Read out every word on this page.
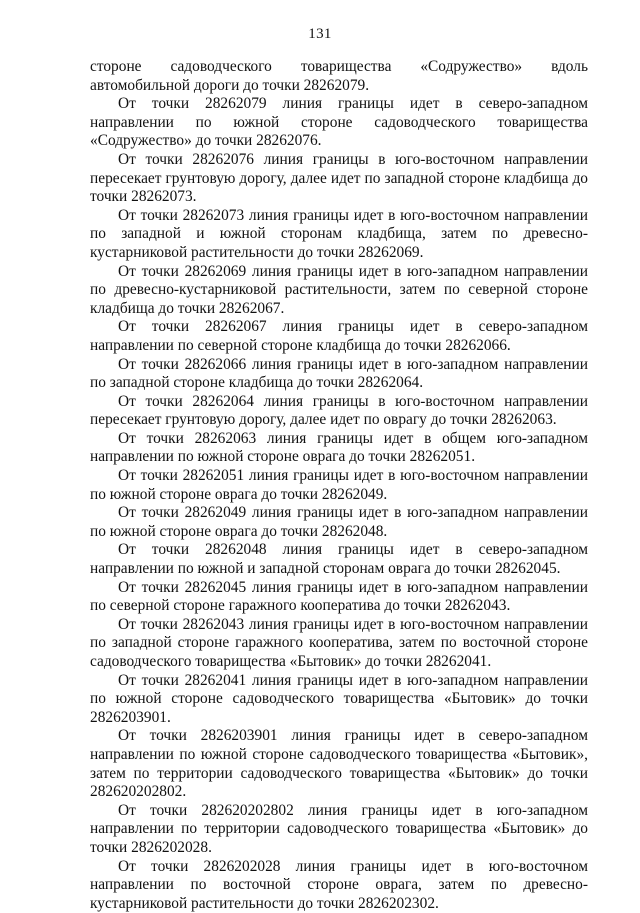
131

стороне садоводческого товарищества «Содружество» вдоль автомобильной дороги до точки 28262079.

От точки 28262079 линия границы идет в северо-западном направлении по южной стороне садоводческого товарищества «Содружество» до точки 28262076.

От точки 28262076 линия границы в юго-восточном направлении пересекает грунтовую дорогу, далее идет по западной стороне кладбища до точки 28262073.

От точки 28262073 линия границы идет в юго-восточном направлении по западной и южной сторонам кладбища, затем по древесно-кустарниковой растительности до точки 28262069.

От точки 28262069 линия границы идет в юго-западном направлении по древесно-кустарниковой растительности, затем по северной стороне кладбища до точки 28262067.

От точки 28262067 линия границы идет в северо-западном направлении по северной стороне кладбища до точки 28262066.

От точки 28262066 линия границы идет в юго-западном направлении по западной стороне кладбища до точки 28262064.

От точки 28262064 линия границы в юго-восточном направлении пересекает грунтовую дорогу, далее идет по оврагу до точки 28262063.

От точки 28262063 линия границы идет в общем юго-западном направлении по южной стороне оврага до точки 28262051.

От точки 28262051 линия границы идет в юго-восточном направлении по южной стороне оврага до точки 28262049.

От точки 28262049 линия границы идет в юго-западном направлении по южной стороне оврага до точки 28262048.

От точки 28262048 линия границы идет в северо-западном направлении по южной и западной сторонам оврага до точки 28262045.

От точки 28262045 линия границы идет в юго-западном направлении по северной стороне гаражного кооператива до точки 28262043.

От точки 28262043 линия границы идет в юго-восточном направлении по западной стороне гаражного кооператива, затем по восточной стороне садоводческого товарищества «Бытовик» до точки 28262041.

От точки 28262041 линия границы идет в юго-западном направлении по южной стороне садоводческого товарищества «Бытовик» до точки 2826203901.

От точки 2826203901 линия границы идет в северо-западном направлении по южной стороне садоводческого товарищества «Бытовик», затем по территории садоводческого товарищества «Бытовик» до точки 282620202802.

От точки 282620202802 линия границы идет в юго-западном направлении по территории садоводческого товарищества «Бытовик» до точки 2826202028.

От точки 2826202028 линия границы идет в юго-восточном направлении по восточной стороне оврага, затем по древесно-кустарниковой растительности до точки 2826202302.
